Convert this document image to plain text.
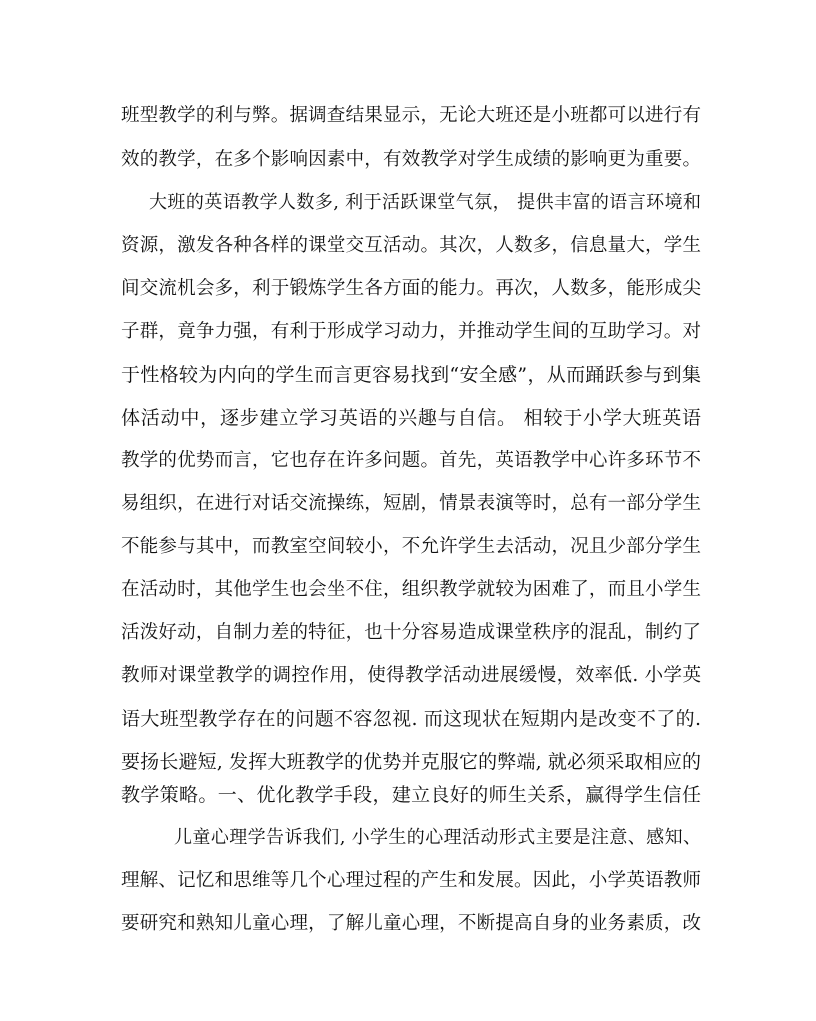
班型教学的利与弊。据调查结果显示，无论大班还是小班都可以进行有
效的教学，在多个影响因素中，有效教学对学生成绩的影响更为重要。
大班的英语教学人数多, 利于活跃课堂气氛， 提供丰富的语言环境和
资源，激发各种各样的课堂交互活动。其次，人数多，信息量大，学生
间交流机会多，利于锻炼学生各方面的能力。再次，人数多，能形成尖
子群，竟争力强，有利于形成学习动力，并推动学生间的互助学习。对
于性格较为内向的学生而言更容易找到“安全感”，从而踊跃参与到集
体活动中，逐步建立学习英语的兴趣与自信。 相较于小学大班英语
教学的优势而言，它也存在许多问题。首先，英语教学中心许多环节不
易组织，在进行对话交流操练，短剧，情景表演等时，总有一部分学生
不能参与其中，而教室空间较小，不允许学生去活动，况且少部分学生
在活动时，其他学生也会坐不住，组织教学就较为困难了，而且小学生
活泼好动，自制力差的特征，也十分容易造成课堂秩序的混乱，制约了
教师对课堂教学的调控作用，使得教学活动进展缓慢，效率低. 小学英
语大班型教学存在的问题不容忽视. 而这现状在短期内是改变不了的.
要扬长避短, 发挥大班教学的优势并克服它的弊端, 就必须采取相应的
教学策略。一、优化教学手段，建立良好的师生关系，赢得学生信任
儿童心理学告诉我们, 小学生的心理活动形式主要是注意、感知、
理解、记忆和思维等几个心理过程的产生和发展。因此，小学英语教师
要研究和熟知儿童心理，了解儿童心理，不断提高自身的业务素质，改
